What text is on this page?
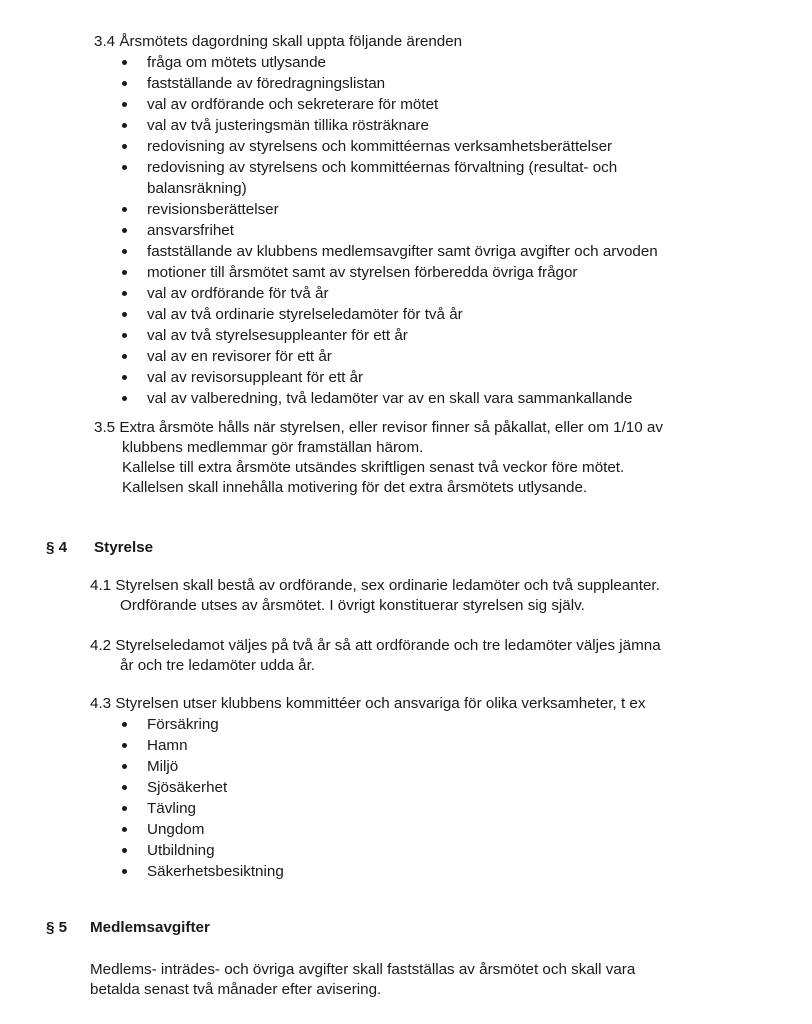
3.4 Årsmötets dagordning skall uppta följande ärenden
fråga om mötets utlysande
fastställande av föredragningslistan
val av ordförande och sekreterare för mötet
val av två justeringsmän tillika rösträknare
redovisning av styrelsens och kommittéernas verksamhetsberättelser
redovisning av styrelsens och kommittéernas förvaltning (resultat- och
balansräkning)
revisionsberättelser
ansvarsfrihet
fastställande av klubbens medlemsavgifter samt övriga avgifter och arvoden
motioner till årsmötet samt av styrelsen förberedda övriga frågor
val av ordförande för två år
val av två ordinarie styrelseledamöter för två år
val av två styrelsesuppleanter för ett år
val av en revisorer för ett år
val av revisorsuppleant för ett år
val av valberedning, två ledamöter var av en skall vara sammankallande
3.5 Extra årsmöte hålls när styrelsen, eller revisor finner så påkallat, eller om 1/10 av
klubbens medlemmar gör framställan härom.
Kallelse till extra årsmöte utsändes skriftligen senast två veckor före mötet.
Kallelsen skall innehålla motivering för det extra årsmötets utlysande.
§ 4 Styrelse
4.1 Styrelsen skall bestå av ordförande, sex ordinarie ledamöter och två suppleanter.
Ordförande utses av årsmötet. I övrigt konstituerar styrelsen sig själv.
4.2 Styrelseledamot väljes på två år så att ordförande och tre ledamöter väljes jämna
år och tre ledamöter udda år.
4.3 Styrelsen utser klubbens kommittéer och ansvariga för olika verksamheter, t ex
Försäkring
Hamn
Miljö
Sjösäkerhet
Tävling
Ungdom
Utbildning
Säkerhetsbesiktning
§ 5 Medlemsavgifter
Medlems- inträdes- och övriga avgifter skall fastställas av årsmötet och skall vara
betalda senast två månader efter avisering.
